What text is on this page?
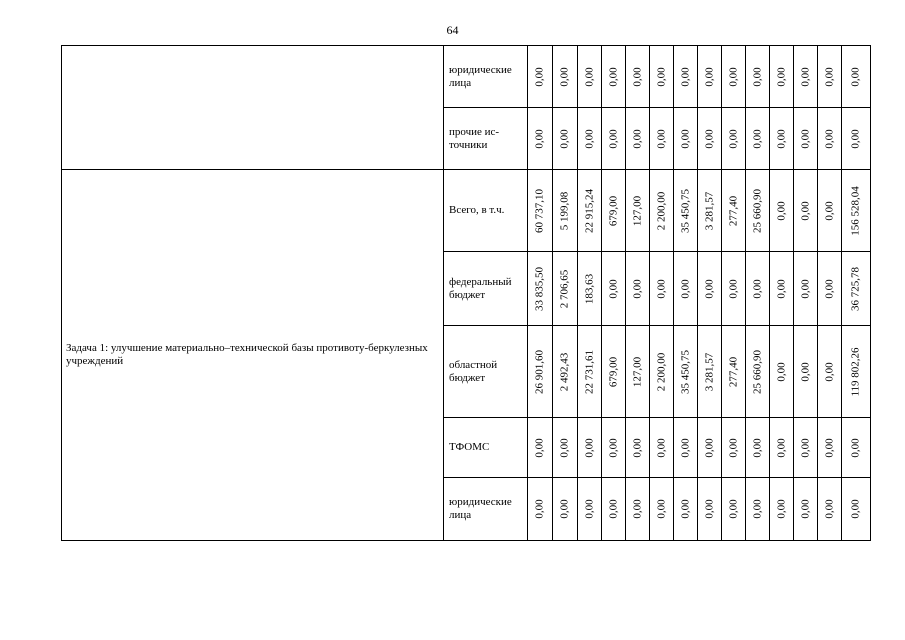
64
	юридические лица	0,00	0,00	0,00	0,00	0,00	0,00	0,00	0,00	0,00	0,00	0,00	0,00	0,00	0,00

	прочие ис-точники	0,00	0,00	0,00	0,00	0,00	0,00	0,00	0,00	0,00	0,00	0,00	0,00	0,00	0,00

Задача 1: улучшение материально–технической базы противоту-беркулезных учреждений	Всего, в т.ч.	60 737,10	5 199,08	22 915,24	679,00	127,00	2 200,00	35 450,75	3 281,57	277,40	25 660,90	0,00	0,00	0,00	156 528,04

	федеральный бюджет	33 835,50	2 706,65	183,63	0,00	0,00	0,00	0,00	0,00	0,00	0,00	0,00	0,00	0,00	36 725,78

	областной бюджет	26 901,60	2 492,43	22 731,61	679,00	127,00	2 200,00	35 450,75	3 281,57	277,40	25 660,90	0,00	0,00	0,00	119 802,26

	ТФОМС	0,00	0,00	0,00	0,00	0,00	0,00	0,00	0,00	0,00	0,00	0,00	0,00	0,00	0,00

	юридические лица	0,00	0,00	0,00	0,00	0,00	0,00	0,00	0,00	0,00	0,00	0,00	0,00	0,00	0,00
